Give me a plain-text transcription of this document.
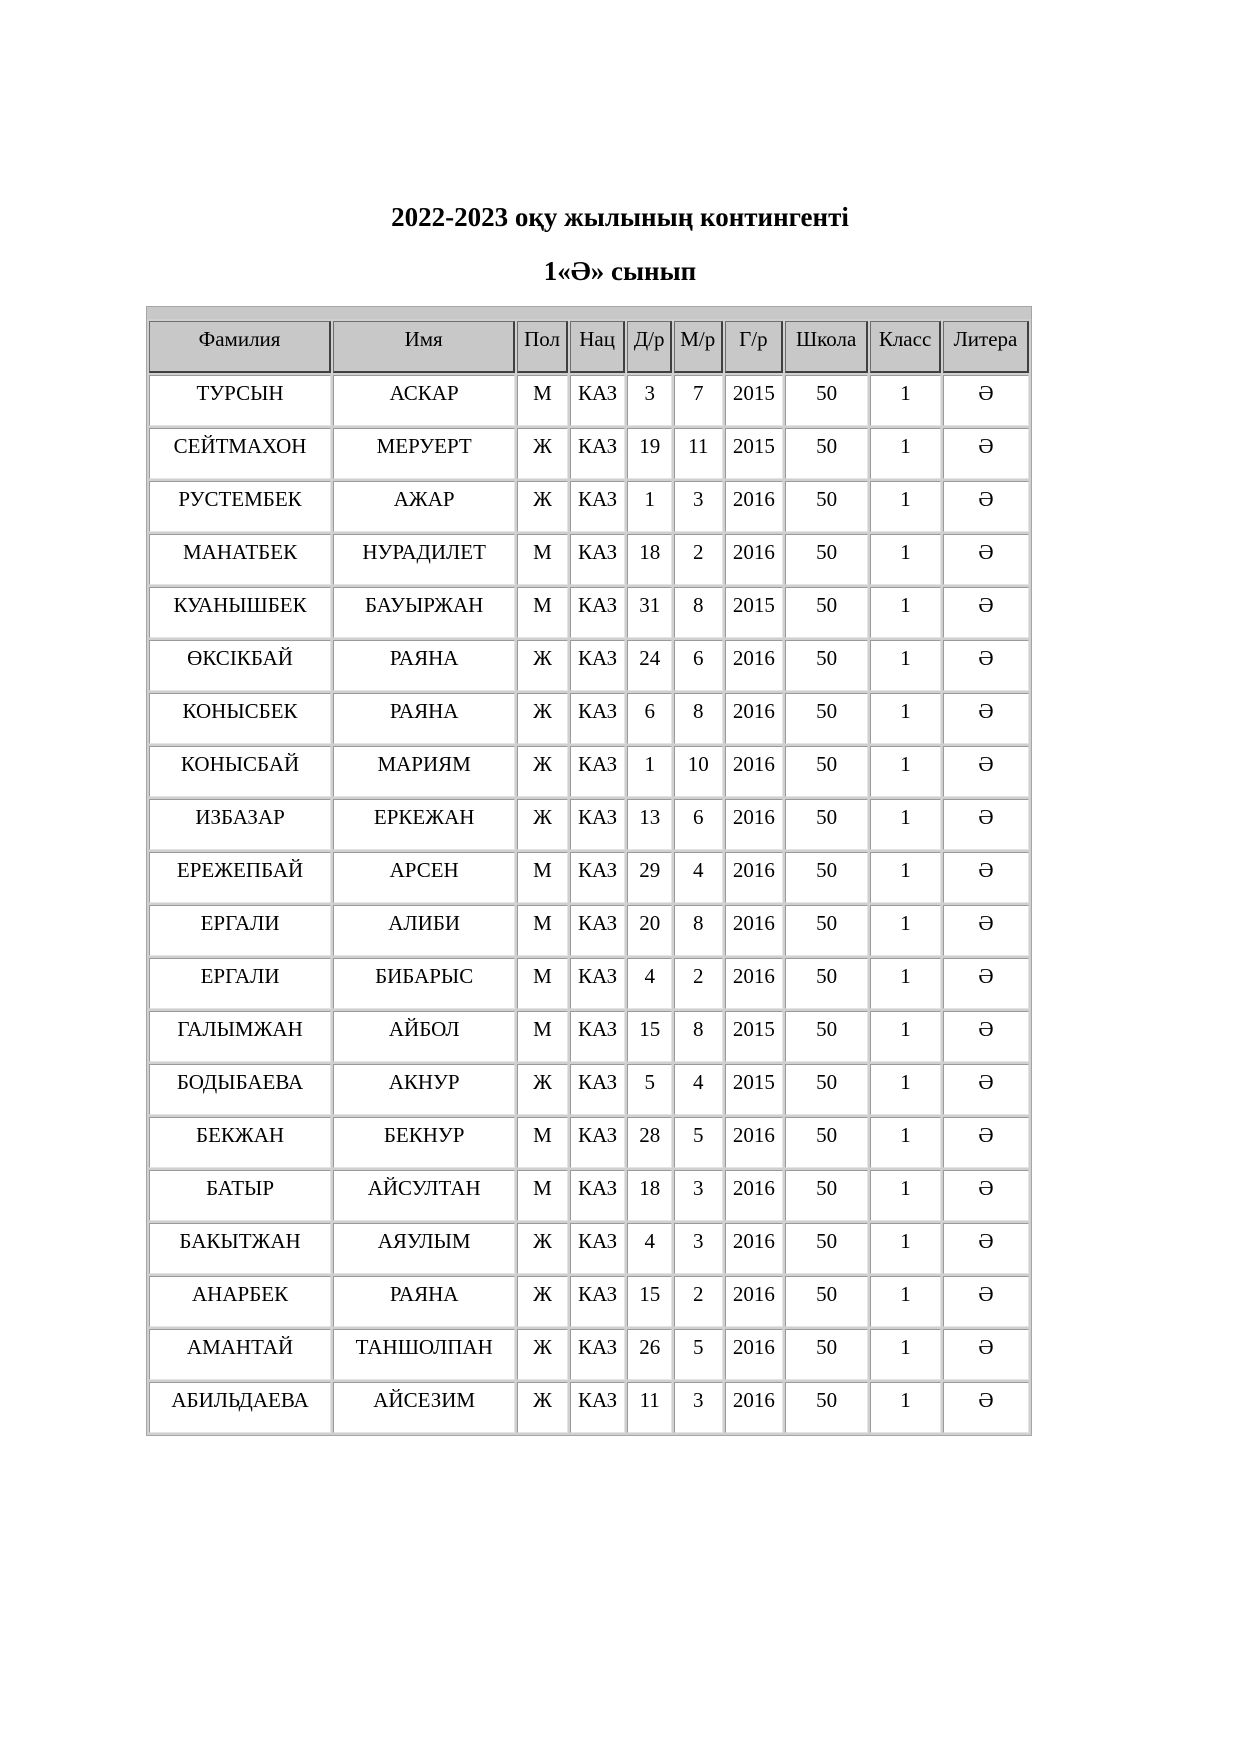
2022-2023 оқу жылының контингенті
1«Ә» сынып
Фамилия	Имя	Пол	Нац	Д/р	М/р	Г/р	Школа	Класс	Литера
ТУРСЫН	АСКАР	М	КАЗ	3	7	2015	50	1	Ә
СЕЙТМАХОН	МЕРУЕРТ	Ж	КАЗ	19	11	2015	50	1	Ә
РУСТЕМБЕК	АЖАР	Ж	КАЗ	1	3	2016	50	1	Ә
МАНАТБЕК	НУРАДИЛЕТ	М	КАЗ	18	2	2016	50	1	Ә
КУАНЫШБЕК	БАУЫРЖАН	М	КАЗ	31	8	2015	50	1	Ә
ӨКСІКБАЙ	РАЯНА	Ж	КАЗ	24	6	2016	50	1	Ә
КОНЫСБЕК	РАЯНА	Ж	КАЗ	6	8	2016	50	1	Ә
КОНЫСБАЙ	МАРИЯМ	Ж	КАЗ	1	10	2016	50	1	Ә
ИЗБАЗАР	ЕРКЕЖАН	Ж	КАЗ	13	6	2016	50	1	Ә
ЕРЕЖЕПБАЙ	АРСЕН	М	КАЗ	29	4	2016	50	1	Ә
ЕРГАЛИ	АЛИБИ	М	КАЗ	20	8	2016	50	1	Ә
ЕРГАЛИ	БИБАРЫС	М	КАЗ	4	2	2016	50	1	Ә
ГАЛЫМЖАН	АЙБОЛ	М	КАЗ	15	8	2015	50	1	Ә
БОДЫБАЕВА	АКНУР	Ж	КАЗ	5	4	2015	50	1	Ә
БЕКЖАН	БЕКНУР	М	КАЗ	28	5	2016	50	1	Ә
БАТЫР	АЙСУЛТАН	М	КАЗ	18	3	2016	50	1	Ә
БАКЫТЖАН	АЯУЛЫМ	Ж	КАЗ	4	3	2016	50	1	Ә
АНАРБЕК	РАЯНА	Ж	КАЗ	15	2	2016	50	1	Ә
АМАНТАЙ	ТАНШОЛПАН	Ж	КАЗ	26	5	2016	50	1	Ә
АБИЛЬДАЕВА	АЙСЕЗИМ	Ж	КАЗ	11	3	2016	50	1	Ә
